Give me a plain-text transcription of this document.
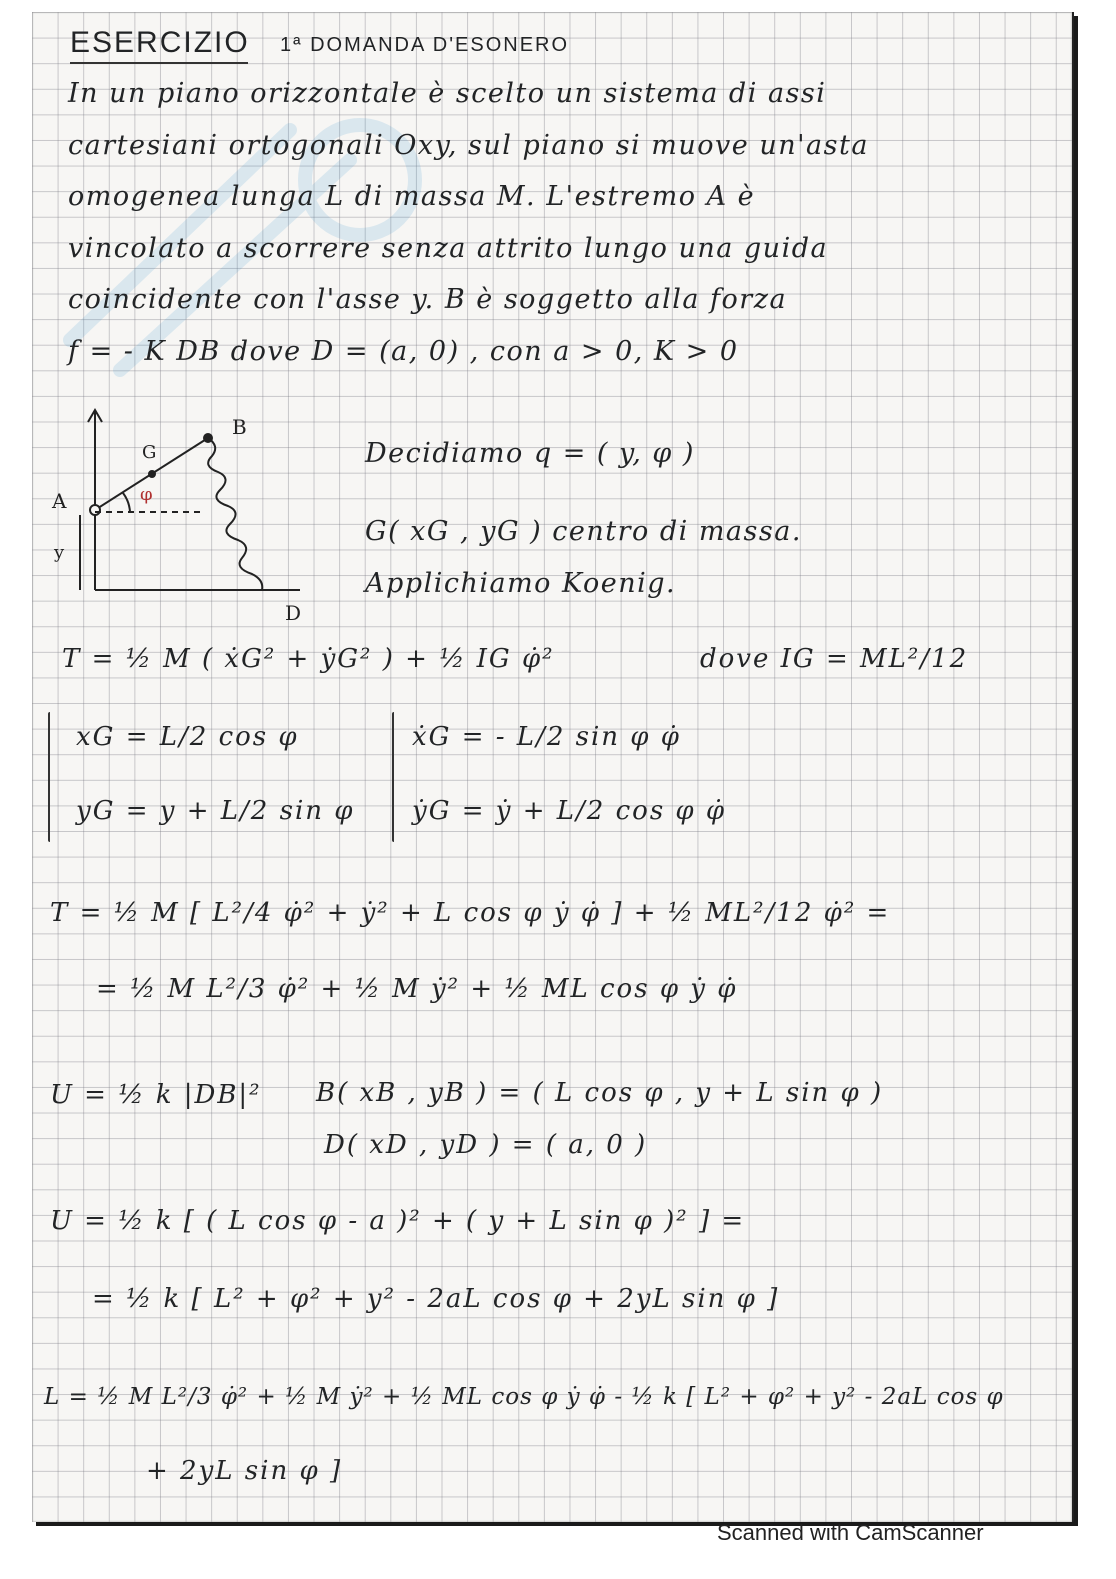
ESERCIZIO 1ª DOMANDA D'ESONERO
In un piano orizzontale è scelto un sistema di assi
cartesiani ortogonali Oxy, sul piano si muove un'asta
omogenea lunga L di massa M. L'estremo A è
vincolato a scorrere senza attrito lungo una guida
coincidente con l'asse y. B è soggetto alla forza
f = - K DB dove D = (a, 0) , con a > 0, K > 0
A
B
G
φ
y
D
Decidiamo q = ( y, φ )
G( xG , yG ) centro di massa.
Applichiamo Koenig.
T = ½ M ( ẋG² + ẏG² ) + ½ IG φ̇²	dove IG = ML²/12
xG = L/2 cos φ
yG = y + L/2 sin φ
ẋG = - L/2 sin φ φ̇
ẏG = ẏ + L/2 cos φ φ̇
T = ½ M [ L²/4 φ̇² + ẏ² + L cos φ ẏ φ̇ ] + ½ ML²/12 φ̇² =
= ½ M L²/3 φ̇² + ½ M ẏ² + ½ ML cos φ ẏ φ̇
U = ½ k |DB|² B( xB , yB ) = ( L cos φ , y + L sin φ )
D( xD , yD ) = ( a, 0 )
U = ½ k [ ( L cos φ - a )² + ( y + L sin φ )² ] =
= ½ k [ L² + φ² + y² - 2aL cos φ + 2yL sin φ ]
L = ½ M L²/3 φ̇² + ½ M ẏ² + ½ ML cos φ ẏ φ̇ - ½ k [ L² + φ² + y² - 2aL cos φ
+ 2yL sin φ ]
Scanned with CamScanner
